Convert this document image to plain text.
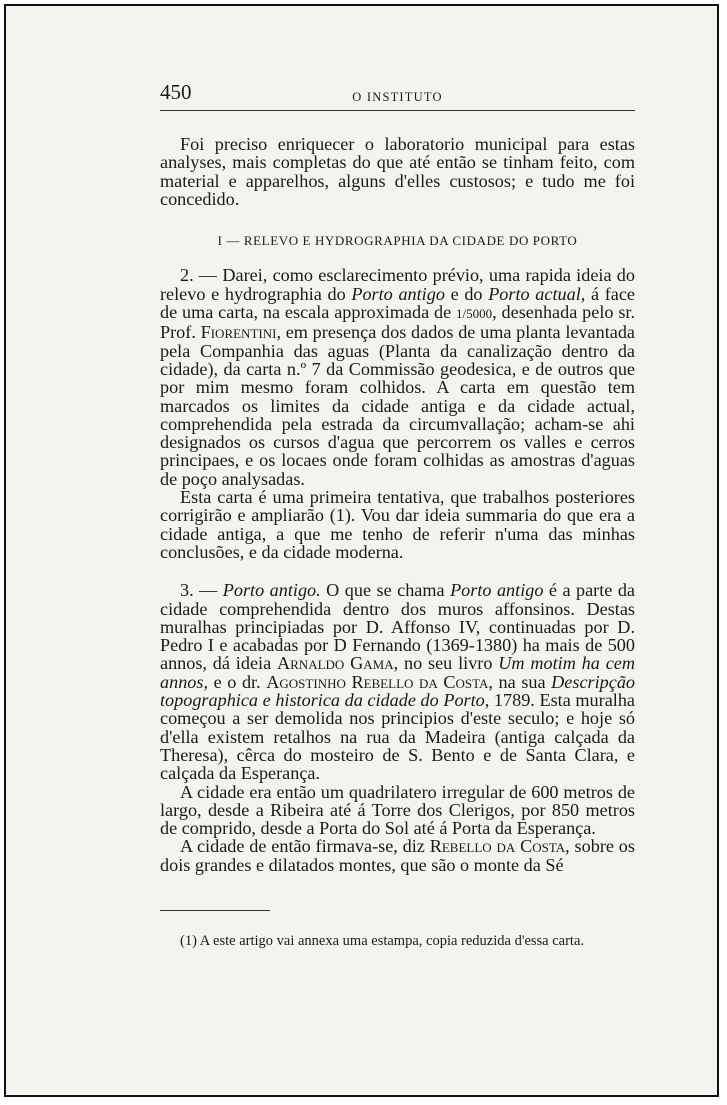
450	O INSTITUTO

Foi preciso enriquecer o laboratorio municipal para estas analyses, mais completas do que até então se tinham feito, com material e apparelhos, alguns d'elles custosos; e tudo me foi concedido.

I — RELEVO E HYDROGRAPHIA DA CIDADE DO PORTO

2. — Darei, como esclarecimento prévio, uma rapida ideia do relevo e hydrographia do Porto antigo e do Porto actual, á face de uma carta, na escala approximada de 1/5000, desenhada pelo sr. Prof. Fiorentini, em presença dos dados de uma planta levantada pela Companhia das aguas (Planta da canalização dentro da cidade), da carta n.º 7 da Commissão geodesica, e de outros que por mim mesmo foram colhidos. A carta em questão tem marcados os limites da cidade antiga e da cidade actual, comprehendida pela estrada da circumvallação; acham-se ahi designados os cursos d'agua que percorrem os valles e cerros principaes, e os locaes onde foram colhidas as amostras d'aguas de poço analysadas.

Esta carta é uma primeira tentativa, que trabalhos posteriores corrigirão e ampliarão (1). Vou dar ideia summaria do que era a cidade antiga, a que me tenho de referir n'uma das minhas conclusões, e da cidade moderna.

3. — Porto antigo. O que se chama Porto antigo é a parte da cidade comprehendida dentro dos muros affonsinos. Destas muralhas principiadas por D. Affonso IV, continuadas por D. Pedro I e acabadas por D Fernando (1369-1380) ha mais de 500 annos, dá ideia Arnaldo Gama, no seu livro Um motim ha cem annos, e o dr. Agostinho Rebello da Costa, na sua Descripção topographica e historica da cidade do Porto, 1789. Esta muralha começou a ser demolida nos principios d'este seculo; e hoje só d'ella existem retalhos na rua da Madeira (antiga calçada da Theresa), cêrca do mosteiro de S. Bento e de Santa Clara, e calçada da Esperança.

A cidade era então um quadrilatero irregular de 600 metros de largo, desde a Ribeira até á Torre dos Clerigos, por 850 metros de comprido, desde a Porta do Sol até á Porta da Esperança.

A cidade de então firmava-se, diz Rebello da Costa, sobre os dois grandes e dilatados montes, que são o monte da Sé

(1) A este artigo vai annexa uma estampa, copia reduzida d'essa carta.
